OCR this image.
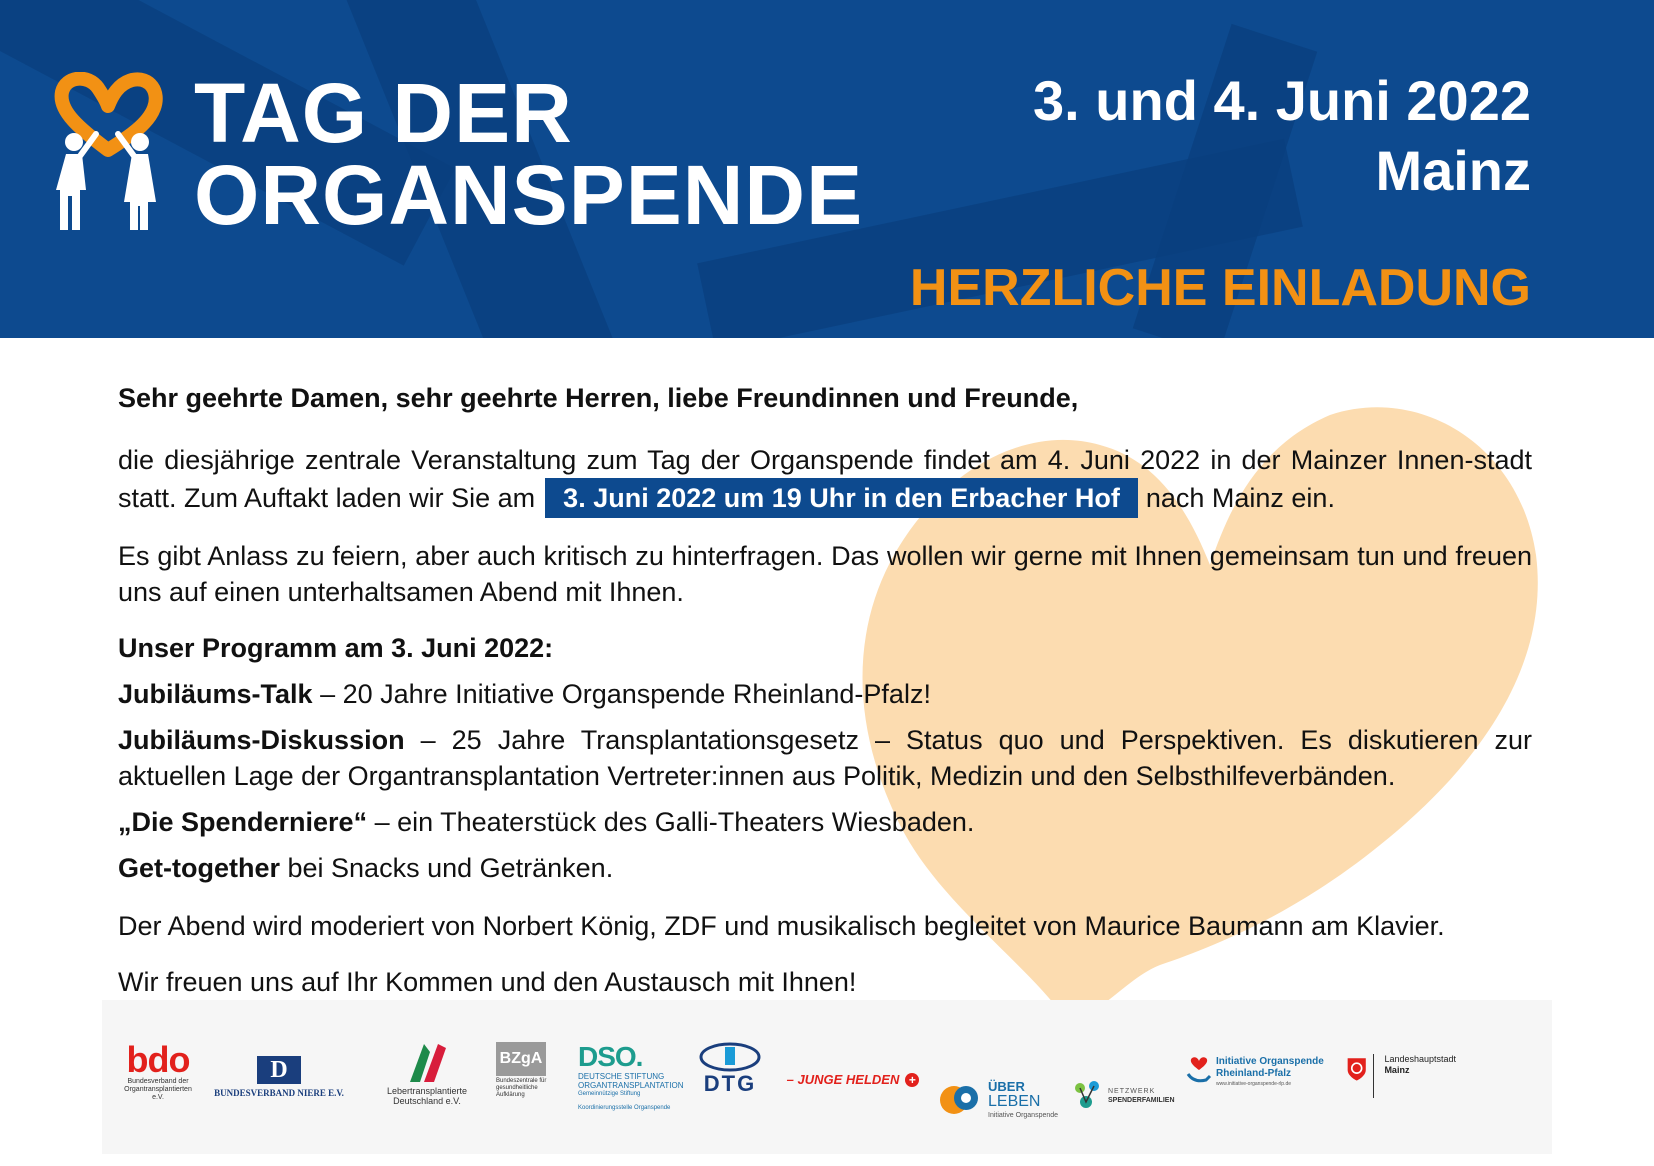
TAG DER
ORGANSPENDE
3. und 4. Juni 2022
Mainz
HERZLICHE EINLADUNG

Sehr geehrte Damen, sehr geehrte Herren, liebe Freundinnen und Freunde,

die diesjährige zentrale Veranstaltung zum Tag der Organspende findet am 4. Juni 2022 in der Mainzer Innen-stadt statt. Zum Auftakt laden wir Sie am 3. Juni 2022 um 19 Uhr in den Erbacher Hof nach Mainz ein.

Es gibt Anlass zu feiern, aber auch kritisch zu hinterfragen. Das wollen wir gerne mit Ihnen gemeinsam tun und freuen uns auf einen unterhaltsamen Abend mit Ihnen.

Unser Programm am 3. Juni 2022:

Jubiläums-Talk – 20 Jahre Initiative Organspende Rheinland-Pfalz!

Jubiläums-Diskussion – 25 Jahre Transplantationsgesetz – Status quo und Perspektiven. Es diskutieren zur aktuellen Lage der Organtransplantation Vertreter:innen aus Politik, Medizin und den Selbsthilfeverbänden.

„Die Spenderniere“ – ein Theaterstück des Galli-Theaters Wiesbaden.

Get-together bei Snacks und Getränken.

Der Abend wird moderiert von Norbert König, ZDF und musikalisch begleitet von Maurice Baumann am Klavier.

Wir freuen uns auf Ihr Kommen und den Austausch mit Ihnen!

bdo
Bundesverband der Organtransplantierten e.V.
D
BUNDESVERBAND NIERE E.V.	Lebertransplantierte
Deutschland e.V.
BZgA
Bundeszentrale für gesundheitliche Aufklärung
DSO.
DEUTSCHE STIFTUNG ORGANTRANSPLANTATION
Gemeinnützige Stiftung
Koordinierungsstelle Organspende
DTG – JUNGE HELDEN +	ÜBER
LEBEN
Initiative Organspende
NETZWERK
SPENDERFAMILIEN
Initiative Organspende
Rheinland-Pfalz
www.initiative-organspende-rlp.de
Landeshauptstadt
Mainz
